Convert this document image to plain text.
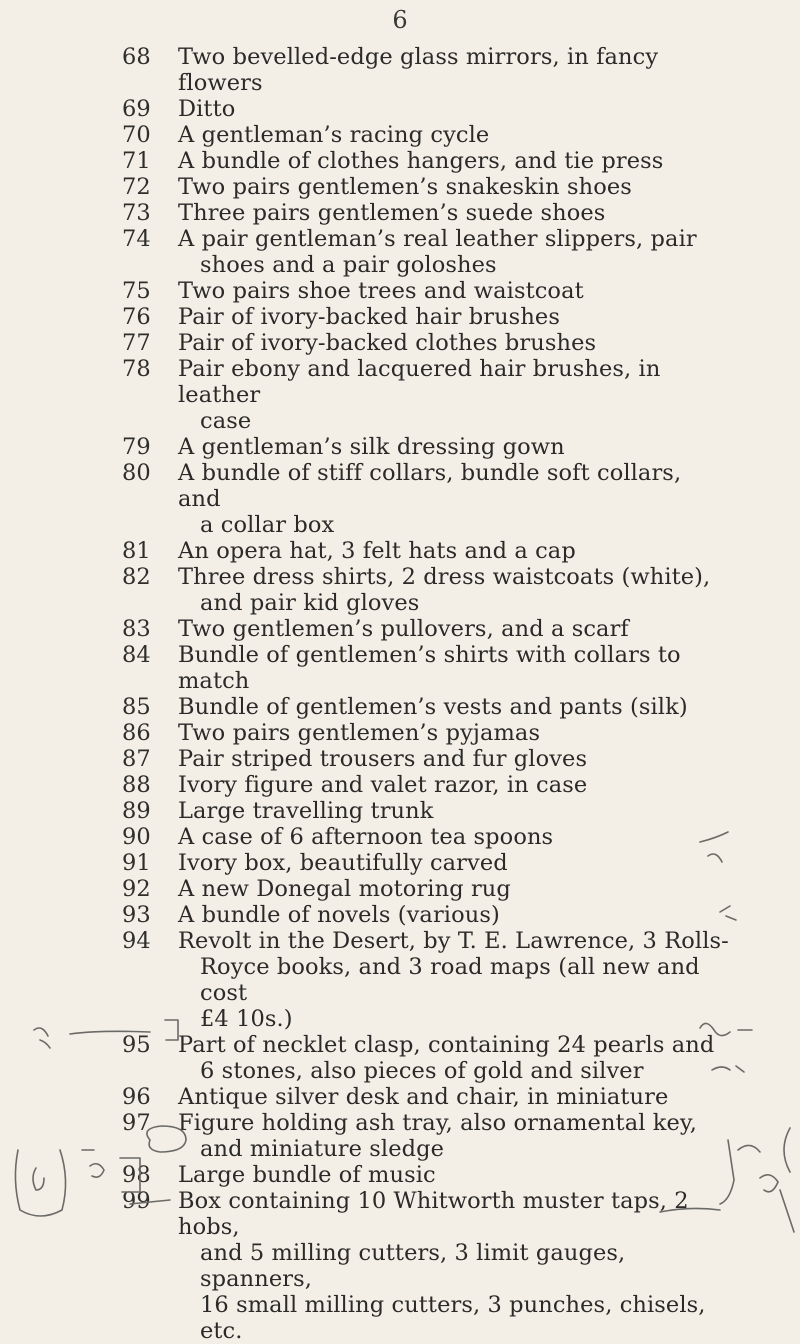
6
68	Two bevelled-edge glass mirrors, in fancy flowers
69	Ditto
70	A gentleman’s racing cycle
71	A bundle of clothes hangers, and tie press
72	Two pairs gentlemen’s snakeskin shoes
73	Three pairs gentlemen’s suede shoes
74	A pair gentleman’s real leather slippers, pair

shoes and a pair goloshes
75	Two pairs shoe trees and waistcoat
76	Pair of ivory-backed hair brushes
77	Pair of ivory-backed clothes brushes
78	Pair ebony and lacquered hair brushes, in leather

case
79	A gentleman’s silk dressing gown
80	A bundle of stiff collars, bundle soft collars, and

a collar box
81	An opera hat, 3 felt hats and a cap
82	Three dress shirts, 2 dress waistcoats (white),

and pair kid gloves
83	Two gentlemen’s pullovers, and a scarf
84	Bundle of gentlemen’s shirts with collars to match
85	Bundle of gentlemen’s vests and pants (silk)
86	Two pairs gentlemen’s pyjamas
87	Pair striped trousers and fur gloves
88	Ivory figure and valet razor, in case
89	Large travelling trunk
90	A case of 6 afternoon tea spoons
91	Ivory box, beautifully carved
92	A new Donegal motoring rug
93	A bundle of novels (various)
94	Revolt in the Desert, by T. E. Lawrence, 3 Rolls-

Royce books, and 3 road maps (all new and cost
£4 10s.)
95	Part of necklet clasp, containing 24 pearls and

6 stones, also pieces of gold and silver
96	Antique silver desk and chair, in miniature
97	Figure holding ash tray, also ornamental key,

and miniature sledge
98	Large bundle of music
99	Box containing 10 Whitworth muster taps, 2 hobs,

and 5 milling cutters, 3 limit gauges, spanners,
16 small milling cutters, 3 punches, chisels, etc.
